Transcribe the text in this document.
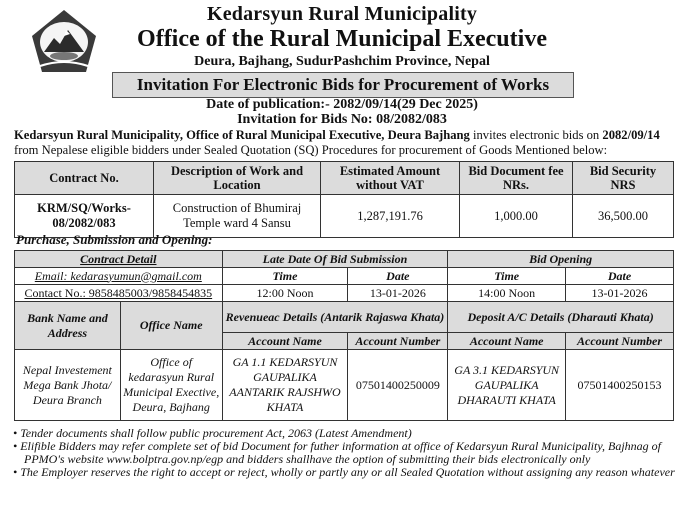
Kedarsyun Rural Municipality
Office of the Rural Municipal Executive
Deura, Bajhang, SudurPashchim Province, Nepal
Invitation For Electronic Bids for Procurement of Works
Date of publication:- 2082/09/14(29 Dec 2025)
Invitation for Bids No: 08/2082/083
Kedarsyun Rural Municipality, Office of Rural Municipal Executive, Deura Bajhang invites electronic bids on 2082/09/14 from Nepalese eligible bidders under Sealed Quotation (SQ) Procedures for procurement of Goods Mentioned below:
Contract No.	Description of Work and Location	Estimated Amount without VAT	Bid Document fee NRs.	Bid Security NRS
KRM/SQ/Works-08/2082/083	Construction of Bhumiraj Temple ward 4 Sansu	1,287,191.76	1,000.00	36,500.00
Purchase, Submission and Opening:
Contract Detail		Late Date Of Bid Submission		Bid Opening	
Email: kedarasyumun@gmail.com		Time	Date	Time	Date
Contact No.: 9858485003/9858454835		12:00 Noon	13-01-2026	14:00 Noon	13-01-2026
Bank Name and Address	Office Name	Revenueac Details (Antarik Rajaswa Khata)		Deposit A/C Details (Dharauti Khata)	
		Account Name	Account Number	Account Name	Account Number
Nepal Investement Mega Bank Jhota/ Deura Branch	Office of kedarasyun Rural Municipal Exective, Deura, Bajhang	GA 1.1 KEDARSYUN GAUPALIKA AANTARIK RAJSHWO KHATA	07501400250009	GA 3.1 KEDARSYUN GAUPALIKA DHARAUTI KHATA	07501400250153
• Tender documents shall follow public procurement Act, 2063 (Latest Amendment)
• Elifible Bidders may refer complete set of bid Document for futher information at office of Kedarsyun Rural Municipality, Bajhnag of PPMO's website www.bolptra.gov.np/egp and bidders shallhave the option of submitting their bids electronically only
• The Employer reserves the right to accept or reject, wholly or partly any or all Sealed Quotation without assigning any reason whatever
